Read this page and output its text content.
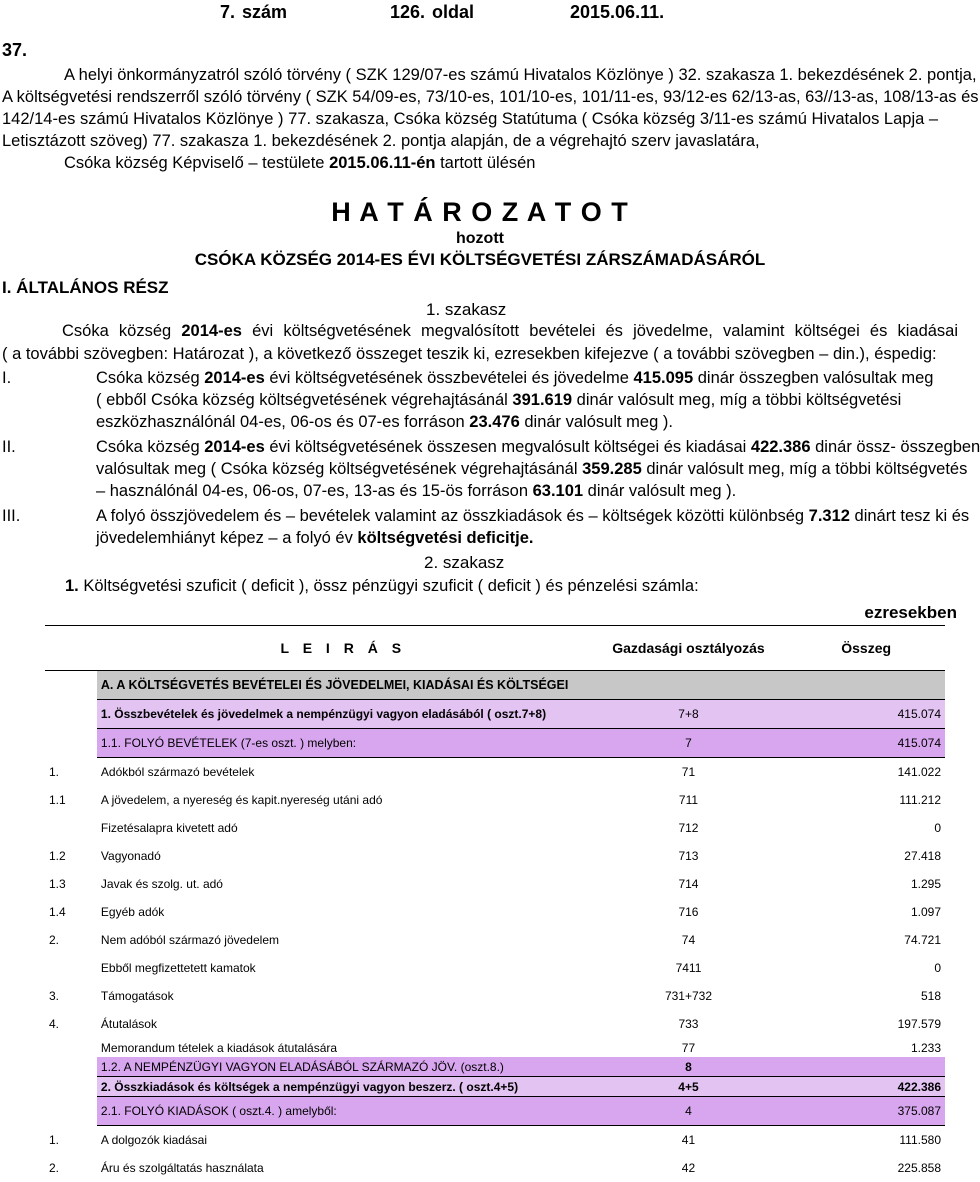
7. szám	126. oldal	2015.06.11.
37.
A helyi önkormányzatról szóló törvény ( SZK 129/07-es számú Hivatalos Közlönye ) 32. szakasza 1. bekezdésének 2. pontja,
A költségvetési rendszerről szóló törvény ( SZK 54/09-es, 73/10-es, 101/10-es, 101/11-es, 93/12-es 62/13-as, 63//13-as, 108/13-as és
142/14-es számú Hivatalos Közlönye ) 77. szakasza, Csóka község Statútuma ( Csóka község 3/11-es számú Hivatalos Lapja –
Letisztázott szöveg) 77. szakasza 1. bekezdésének 2. pontja alapján, de a végrehajtó szerv javaslatára,
Csóka község Képviselő – testülete 2015.06.11-én tartott ülésén
H A T Á R O Z A T O T
hozott
CSÓKA KÖZSÉG 2014-ES ÉVI KÖLTSÉGVETÉSI ZÁRSZÁMADÁSÁRÓL
I. ÁLTALÁNOS RÉSZ
1. szakasz
Csóka község 2014-es évi költségvetésének megvalósított bevételei és jövedelme, valamint költségei és kiadásai
( a további szövegben: Határozat ), a következő összeget teszik ki, ezresekben kifejezve ( a további szövegben – din.), éspedig:
I.	Csóka község 2014-es évi költségvetésének összbevételei és jövedelme 415.095 dinár összegben valósultak meg
( ebből Csóka község költségvetésének végrehajtásánál 391.619 dinár valósult meg, míg a többi költségvetési
eszközhasználónál 04-es, 06-os és 07-es forráson 23.476 dinár valósult meg ).
II.	Csóka község 2014-es évi költségvetésének összesen megvalósult költségei és kiadásai 422.386 dinár össz- összegben
valósultak meg ( Csóka község költségvetésének végrehajtásánál 359.285 dinár valósult meg, míg a többi költségvetés
– használónál 04-es, 06-os, 07-es, 13-as és 15-ös forráson 63.101 dinár valósult meg ).
III.	A folyó összjövedelem és – bevételek valamint az összkiadások és – költségek közötti különbség 7.312 dinárt tesz ki és
jövedelemhiányt képez – a folyó év költségvetési deficitje.
2. szakasz
1. Költségvetési szuficit ( deficit ), össz pénzügyi szuficit ( deficit ) és pénzelési számla:
ezresekben
	L E I R Á S	Gazdasági osztályozás	Összeg
	A. A KÖLTSÉGVETÉS BEVÉTELEI ÉS JÖVEDELMEI, KIADÁSAI ÉS KÖLTSÉGEI		
	1. Összbevételek és jövedelmek a nempénzügyi vagyon eladásából ( oszt.7+8)	7+8	415.074
	1.1. FOLYÓ BEVÉTELEK (7-es oszt. ) melyben:	7	415.074
1.	Adókból származó bevételek	71	141.022
1.1	A jövedelem, a nyereség és kapit.nyereség utáni adó	711	111.212
	Fizetésalapra kivetett adó	712	0
1.2	Vagyonadó	713	27.418
1.3	Javak és szolg. ut. adó	714	1.295
1.4	Egyéb adók	716	1.097
2.	Nem adóból származó jövedelem	74	74.721
	Ebből megfizettetett kamatok	7411	0
3.	Támogatások	731+732	518
4.	Átutalások	733	197.579
	Memorandum tételek a kiadások átutalására	77	1.233
	1.2. A NEMPÉNZÜGYI VAGYON ELADÁSÁBÓL SZÁRMAZÓ JÖV. (oszt.8.)	8	
	2. Összkiadások és költségek a nempénzügyi vagyon beszerz. ( oszt.4+5)	4+5	422.386
	2.1. FOLYÓ KIADÁSOK ( oszt.4. ) amelyből:	4	375.087
1.	A dolgozók kiadásai	41	111.580
2.	Áru és szolgáltatás használata	42	225.858
